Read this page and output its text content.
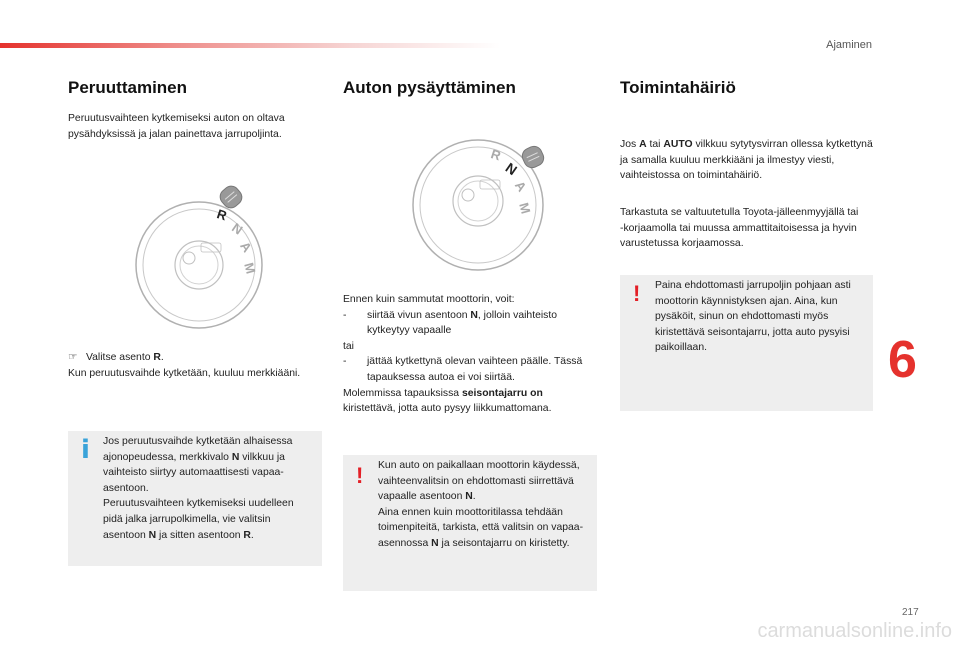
Ajaminen
Peruuttaminen

Peruutusvaihteen kytkemiseksi auton on oltava pysähdyksissä ja jalan painettava jarrupoljinta.

R
N
A
M

☞ Valitse asento R.
Kun peruutusvaihde kytketään, kuuluu merkkiääni.

i Jos peruutusvaihde kytketään alhaisessa ajonopeudessa, merkkivalo N vilkkuu ja vaihteisto siirtyy automaattisesti vapaa-asentoon.
Peruutusvaihteen kytkemiseksi uudelleen pidä jalka jarrupolkimella, vie valitsin asentoon N ja sitten asentoon R.

Auton pysäyttäminen
R
N
A
M
Ennen kuin sammutat moottorin, voit:
-	siirtää vivun asentoon N, jolloin vaihteisto kytkeytyy vapaalle
tai
-	jättää kytkettynä olevan vaihteen päälle. Tässä tapauksessa autoa ei voi siirtää.
Molemmissa tapauksissa seisontajarru on kiristettävä, jotta auto pysyy liikkumattomana.
! Kun auto on paikallaan moottorin käydessä, vaihteenvalitsin on ehdottomasti siirrettävä vapaalle asentoon N.
Aina ennen kuin moottoritilassa tehdään toimenpiteitä, tarkista, että valitsin on vapaa-asennossa N ja seisontajarru on kiristetty.

Toimintahäiriö

Jos A tai AUTO vilkkuu sytytysvirran ollessa kytkettynä ja samalla kuuluu merkkiääni ja ilmestyy viesti, vaihteistossa on toimintahäiriö.

Tarkastuta se valtuutetulla Toyota-jälleenmyyjällä tai -korjaamolla tai muussa ammattitaitoisessa ja hyvin varustetussa korjaamossa.

! Paina ehdottomasti jarrupoljin pohjaan asti moottorin käynnistyksen ajan. Aina, kun pysäköit, sinun on ehdottomasti myös kiristettävä seisontajarru, jotta auto pysyisi paikoillaan.	6
217
carmanualsonline.info
